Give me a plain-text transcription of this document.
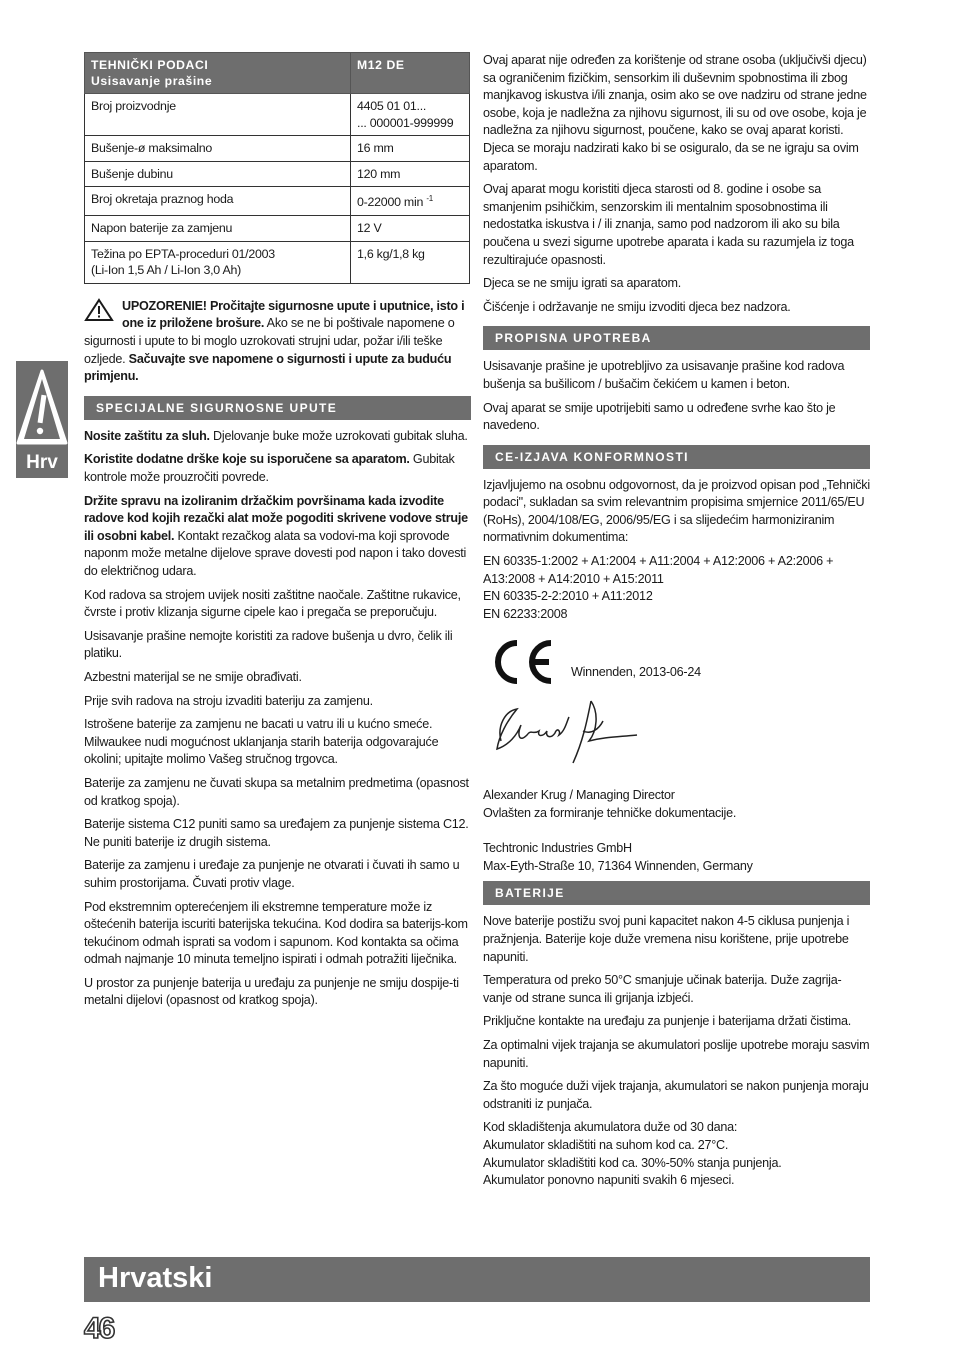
Hrv
TEHNIČKI PODACI
Usisavanje prašine	M12 DE
Broj proizvodnje	4405 01 01...
... 000001-999999
Bušenje-ø maksimalno	16 mm
Bušenje dubinu	120 mm
Broj okretaja praznog hoda	0-22000 min $^{-1}$
Napon baterije za zamjenu	12 V
Težina po EPTA-proceduri 01/2003
(Li-Ion 1,5 Ah / Li-Ion 3,0 Ah)	1,6 kg/1,8 kg

UPOZORENIE! Pročitajte sigurnosne upute i uputnice, isto i one iz priložene brošure. Ako se ne bi poštivale napomene o sigurnosti i upute to bi moglo uzrokovati strujni udar, požar i/ili teške ozljede. Sačuvajte sve napomene o sigurnosti i upute za buduću primjenu.

SPECIJALNE SIGURNOSNE UPUTE

Nosite zaštitu za sluh. Djelovanje buke može uzrokovati gubitak sluha.

Koristite dodatne drške koje su isporučene sa aparatom. Gubitak kontrole može prouzročiti povrede.

Držite spravu na izoliranim držačkim površinama kada izvodite radove kod kojih rezački alat može pogoditi skrivene vodove struje ili osobni kabel. Kontakt rezačkog alata sa vodovi-ma koji sprovode naponm može metalne dijelove sprave dovesti pod napon i tako dovesti do električnog udara.

Kod radova sa strojem uvijek nositi zaštitne naočale. Zaštitne rukavice, čvrste i protiv klizanja sigurne cipele kao i pregača se preporučuju.

Usisavanje prašine nemojte koristiti za radove bušenja u dvro, čelik ili platiku.

Azbestni materijal se ne smije obrađivati.

Prije svih radova na stroju izvaditi bateriju za zamjenu.

Istrošene baterije za zamjenu ne bacati u vatru ili u kućno smeće. Milwaukee nudi mogućnost uklanjanja starih baterija odgovarajuće okolini; upitajte molimo Vašeg stručnog trgovca.

Baterije za zamjenu ne čuvati skupa sa metalnim predmetima (opasnost od kratkog spoja).

Baterije sistema C12 puniti samo sa uređajem za punjenje sistema C12. Ne puniti baterije iz drugih sistema.

Baterije za zamjenu i uređaje za punjenje ne otvarati i čuvati ih samo u suhim prostorijama. Čuvati protiv vlage.

Pod ekstremnim opterećenjem ili ekstremne temperature može iz oštećenih baterija iscuriti baterijska tekućina. Kod dodira sa baterijs-kom tekućinom odmah isprati sa vodom i sapunom. Kod kontakta sa očima odmah najmanje 10 minuta temeljno ispirati i odmah potražiti liječnika.

U prostor za punjenje baterija u uređaju za punjenje ne smiju dospije-ti metalni dijelovi (opasnost od kratkog spoja).

Ovaj aparat nije određen za korištenje od strane osoba (uključivši djecu) sa ograničenim fizičkim, sensorkim ili duševnim spobnostima ili zbog manjkavog iskustva i/ili znanja, osim ako se ove nadziru od strane jedne osobe, koja je nadležna za njihovu sigurnost, ili su od ove osobe, koja je nadležna za njihovu sigurnost, poučene, kako se ovaj aparat koristi. Djeca se moraju nadzirati kako bi se osiguralo, da se ne igraju sa ovim aparatom.

Ovaj aparat mogu koristiti djeca starosti od 8. godine i osobe sa smanjenim psihičkim, senzorskim ili mentalnim sposobnostima ili nedostatka iskustva i / ili znanja, samo pod nadzorom ili ako su bila poučena u svezi sigurne upotrebe aparata i kada su razumjela iz toga rezultirajuće opasnosti.

Djeca se ne smiju igrati sa aparatom.

Čišćenje i održavanje ne smiju izvoditi djeca bez nadzora.

PROPISNA UPOTREBA

Usisavanje prašine je upotrebljivo za usisavanje prašine kod radova bušenja sa bušilicom / bušačim čekićem u kamen i beton.

Ovaj aparat se smije upotrijebiti samo u određene svrhe kao što je navedeno.

CE-IZJAVA KONFORMNOSTI

Izjavljujemo na osobnu odgovornost, da je proizvod opisan pod „Tehnički podaci", sukladan sa svim relevantnim propisima smjernice 2011/65/EU (RoHs), 2004/108/EG, 2006/95/EG i sa slijedećim harmoniziranim normativnim dokumentima:

EN 60335-1:2002 + A1:2004 + A11:2004 + A12:2006 + A2:2006 + A13:2008 + A14:2010 + A15:2011
EN 60335-2-2:2010 + A11:2012
EN 62233:2008

Winnenden, 2013-06-24

Alexander Krug / Managing Director
Ovlašten za formiranje tehničke dokumentacije.

Techtronic Industries GmbH
Max-Eyth-Straße 10, 71364 Winnenden, Germany

BATERIJE

Nove baterije postižu svoj puni kapacitet nakon 4-5 ciklusa punjenja i pražnjenja. Baterije koje duže vremena nisu korištene, prije upotrebe napuniti.

Temperatura od preko 50°C smanjuje učinak baterija. Duže zagrija-vanje od strane sunca ili grijanja izbjeći.

Priključne kontakte na uređaju za punjenje i baterijama držati čistima.

Za optimalni vijek trajanja se akumulatori poslije upotrebe moraju sasvim napuniti.

Za što moguće duži vijek trajanja, akumulatori se nakon punjenja moraju odstraniti iz punjača.

Kod skladištenja akumulatora duže od 30 dana:
Akumulator skladištiti na suhom kod ca. 27°C.
Akumulator skladištiti kod ca. 30%-50% stanja punjenja.
Akumulator ponovno napuniti svakih 6 mjeseci.

Hrvatski
46
